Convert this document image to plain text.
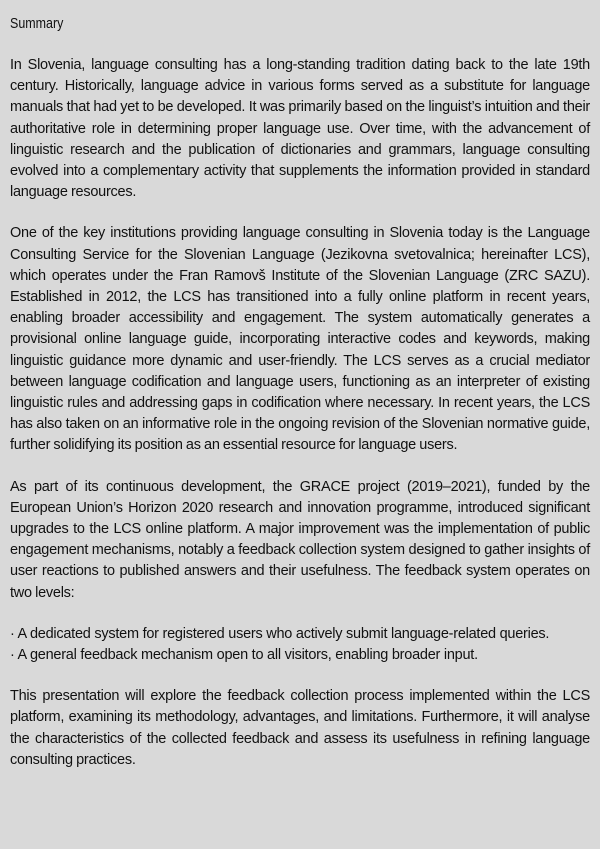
Summary

In Slovenia, language consulting has a long-standing tradition dating back to the late 19th century. Historically, language advice in various forms served as a substitute for language manuals that had yet to be developed. It was primarily based on the linguist’s intuition and their authoritative role in determining proper language use. Over time, with the advancement of linguistic research and the publication of dictionaries and grammars, language consulting evolved into a complementary activity that supplements the information provided in standard language resources.

One of the key institutions providing language consulting in Slovenia today is the Language Consulting Service for the Slovenian Language (Jezikovna svetovalnica; hereinafter LCS), which operates under the Fran Ramovš Institute of the Slovenian Language (ZRC SAZU). Established in 2012, the LCS has transitioned into a fully online platform in recent years, enabling broader accessibility and engagement. The system automatically generates a provisional online language guide, incorporating interactive codes and keywords, making linguistic guidance more dynamic and user-friendly. The LCS serves as a crucial mediator between language codification and language users, functioning as an interpreter of existing linguistic rules and addressing gaps in codification where necessary. In recent years, the LCS has also taken on an informative role in the ongoing revision of the Slovenian normative guide, further solidifying its position as an essential resource for language users.

As part of its continuous development, the GRACE project (2019–2021), funded by the European Union’s Horizon 2020 research and innovation programme, introduced significant upgrades to the LCS online platform. A major improvement was the implementation of public engagement mechanisms, notably a feedback collection system designed to gather insights of user reactions to published answers and their usefulness. The feedback system operates on two levels:

· A dedicated system for registered users who actively submit language-related queries.
· A general feedback mechanism open to all visitors, enabling broader input.

This presentation will explore the feedback collection process implemented within the LCS platform, examining its methodology, advantages, and limitations. Furthermore, it will analyse the characteristics of the collected feedback and assess its usefulness in refining language consulting practices.
